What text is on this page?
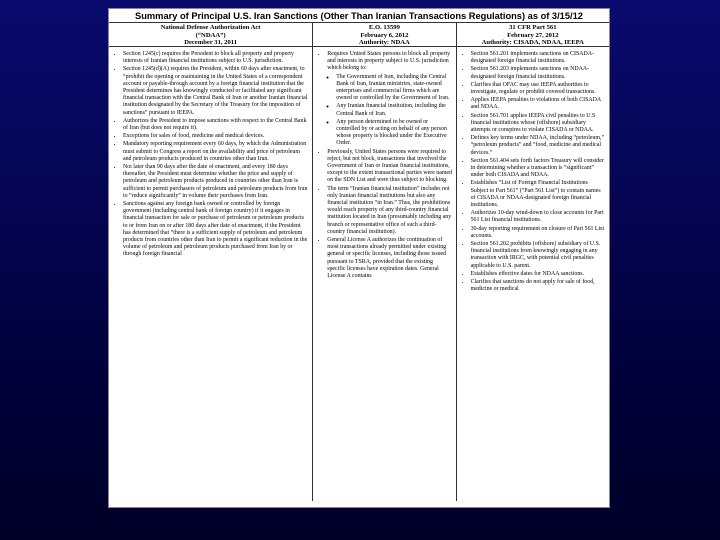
Summary of Principal U.S. Iran Sanctions (Other Than Iranian Transactions Regulations) as of 3/15/12
National Defense Authorization Act
(“NDAA”)
December 31, 2011
• Section 1245(c) requires the President to block all property and property interests of Iranian financial institutions subject to U.S. jurisdiction.
• Section 1245(d)(A) requires the President, within 60 days after enactment, to “prohibit the opening or maintaining in the United States of a correspondent account or payable-through account by a foreign financial institution that the President determines has knowingly conducted or facilitated any significant financial transaction with the Central Bank of Iran or another Iranian financial institution designated by the Secretary of the Treasury for the imposition of sanctions” pursuant to IEEPA.
• Authorizes the President to impose sanctions with respect to the Central Bank of Iran (but does not require it).
• Exceptions for sales of food, medicine and medical devices.
• Mandatory reporting requirement every 60 days, by which the Administration must submit to Congress a report on the availability and price of petroleum and petroleum products produced in countries other than Iran.
• Not later than 90 days after the date of enactment, and every 180 days thereafter, the President must determine whether the price and supply of petroleum and petroleum products produced in countries other than Iran is sufficient to permit purchasers of petroleum and petroleum products from Iran to “reduce significantly” in volume their purchases from Iran.
• Sanctions against any foreign bank owned or controlled by foreign government (including central bank of foreign country) if it engages in financial transaction for sale or purchase of petroleum or petroleum products to or from Iran on or after 180 days after date of enactment, if the President has determined that “there is a sufficient supply of petroleum and petroleum products from countries other than Iran to permit a significant reduction in the volume of petroleum and petroleum products purchased from Iran by or through foreign financial
E.O. 13599
February 6, 2012
Authority: NDAA
• Requires United States persons to block all property and interests in property subject to U.S. jurisdiction which belong to:
◦ The Government of Iran, including the Central Bank of Iran, Iranian ministries, state-owned enterprises and commercial firms which are owned or controlled by the Government of Iran.
◦ Any Iranian financial institution, including the Central Bank of Iran.
◦ Any person determined to be owned or controlled by or acting on behalf of any person whose property is blocked under the Executive Order.
• Previously, United States persons were required to reject, but not block, transactions that involved the Government of Iran or Iranian financial institutions, except to the extent transactional parties were named on the SDN List and were thus subject to blocking.
• The term “Iranian financial institution” includes not only Iranian financial institutions but also any financial institution “in Iran.” Thus, the prohibitions would reach property of any third-country financial institution located in Iran (presumably including any branch or representative office of such a third-country financial institution).
• General License A authorizes the continuation of most transactions already permitted under existing general or specific licenses, including those issued pursuant to TSRA, provided that the existing specific licenses have expiration dates. General License A contains
31 CFR Part 561
February 27, 2012
Authority: CISADA, NDAA, IEEPA
• Section 561.201 implements sanctions on CISADA-designated foreign financial institutions.
• Section 561.203 implements sanctions on NDAA-designated foreign financial institutions.
• Clarifies that OFAC may use IEEPA authorities to investigate, regulate or prohibit covered transactions.
• Applies IEEPA penalties to violations of both CISADA and NDAA.
• Section 561.701 applies IEEPA civil penalties to U.S financial institutions whose (offshore) subsidiary attempts or conspires to violate CISADA or NDAA.
• Defines key terms under NDAA, including “petroleum,” “petroleum products” and “food, medicine and medical devices.”
• Section 561.404 sets forth factors Treasury will consider in determining whether a transaction is “significant” under both CISADA and NDAA.
• Establishes “List of Foreign Financial Institutions Subject to Part 561” (“Part 561 List”) to contain names of CISADA or NDAA-designated foreign financial institutions.
• Authorizes 10-day wind-down to close accounts for Part 561 List financial institutions.
• 30-day reporting requirement on closure of Part 561 List accounts.
• Section 561.202 prohibits (offshore) subsidiary of U.S. financial institutions from knowingly engaging in any transaction with IRGC, with potential civil penalties applicable to U.S. parent.
• Establishes effective dates for NDAA sanctions.
• Clarifies that sanctions do not apply for sale of food, medicine or medical
